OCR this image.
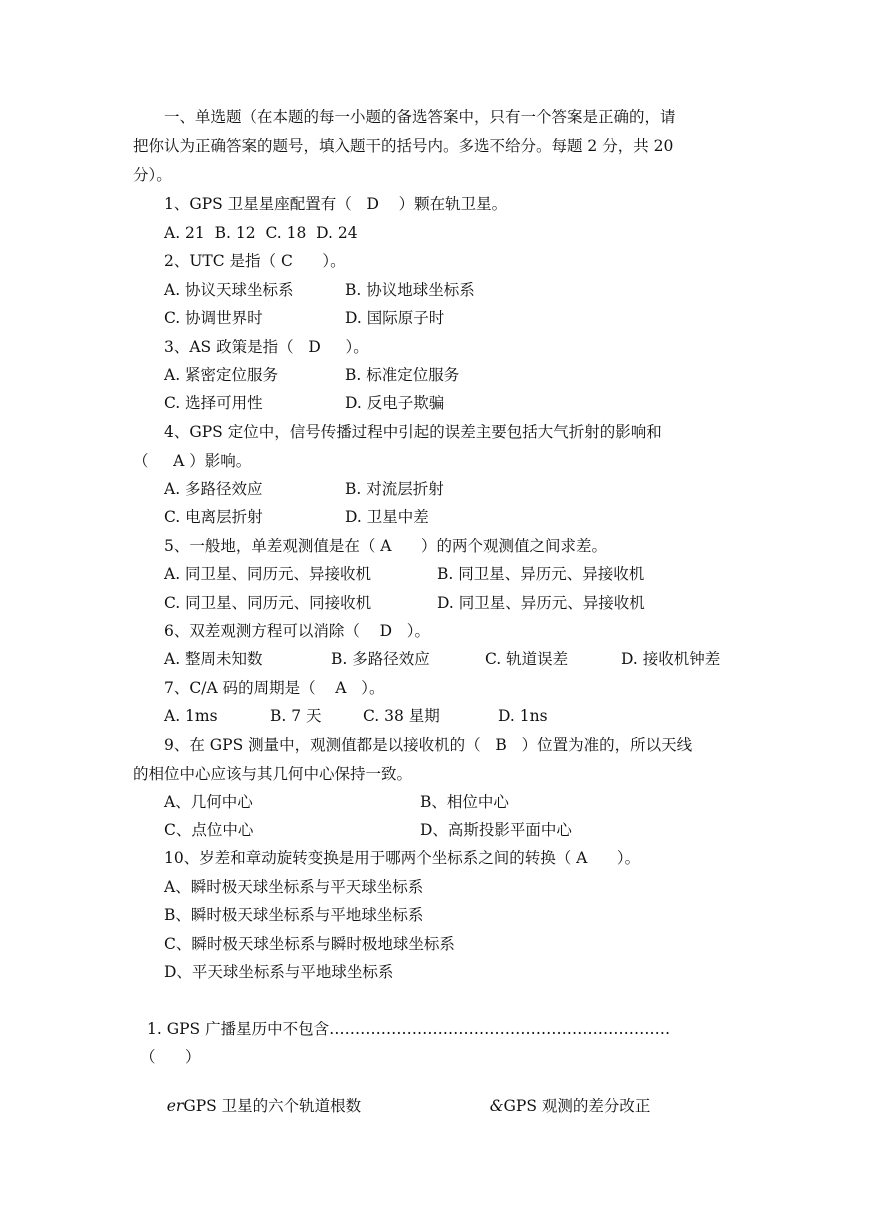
一、单选题（在本题的每一小题的备选答案中，只有一个答案是正确的，请
把你认为正确答案的题号，填入题干的括号内。多选不给分。每题 2 分，共 20
分）。
1、GPS 卫星星座配置有（   D    ）颗在轨卫星。
A. 21  B. 12  C. 18  D. 24
2、UTC 是指（ C      ）。
A. 协议天球坐标系	B. 协议地球坐标系
C. 协调世界时	D. 国际原子时
3、AS 政策是指（   D     ）。
A. 紧密定位服务	B. 标准定位服务
C. 选择可用性	D. 反电子欺骗
4、GPS 定位中，信号传播过程中引起的误差主要包括大气折射的影响和
（     A ）影响。
A. 多路径效应	B. 对流层折射
C. 电离层折射	D. 卫星中差
5、一般地，单差观测值是在（ A      ）的两个观测值之间求差。
A. 同卫星、同历元、异接收机	B. 同卫星、异历元、异接收机
C. 同卫星、同历元、同接收机	D. 同卫星、异历元、异接收机
6、双差观测方程可以消除（    D   ）。
A. 整周未知数	B. 多路径效应	C. 轨道误差	D. 接收机钟差
7、C/A 码的周期是（    A   ）。
A. 1ms	B. 7 天	C. 38 星期	D. 1ns
9、在 GPS 测量中，观测值都是以接收机的（   B   ）位置为准的，所以天线
的相位中心应该与其几何中心保持一致。
A、几何中心	B、相位中心
C、点位中心	D、高斯投影平面中心
10、岁差和章动旋转变换是用于哪两个坐标系之间的转换（ A      ）。
A、瞬时极天球坐标系与平天球坐标系
B、瞬时极天球坐标系与平地球坐标系
C、瞬时极天球坐标系与瞬时极地球坐标系
D、平天球坐标系与平地球坐标系
1. GPS 广播星历中不包含…………………………………………………………
（      ）

erGPS 卫星的六个轨道根数
	&GPS 观测的差分改正
